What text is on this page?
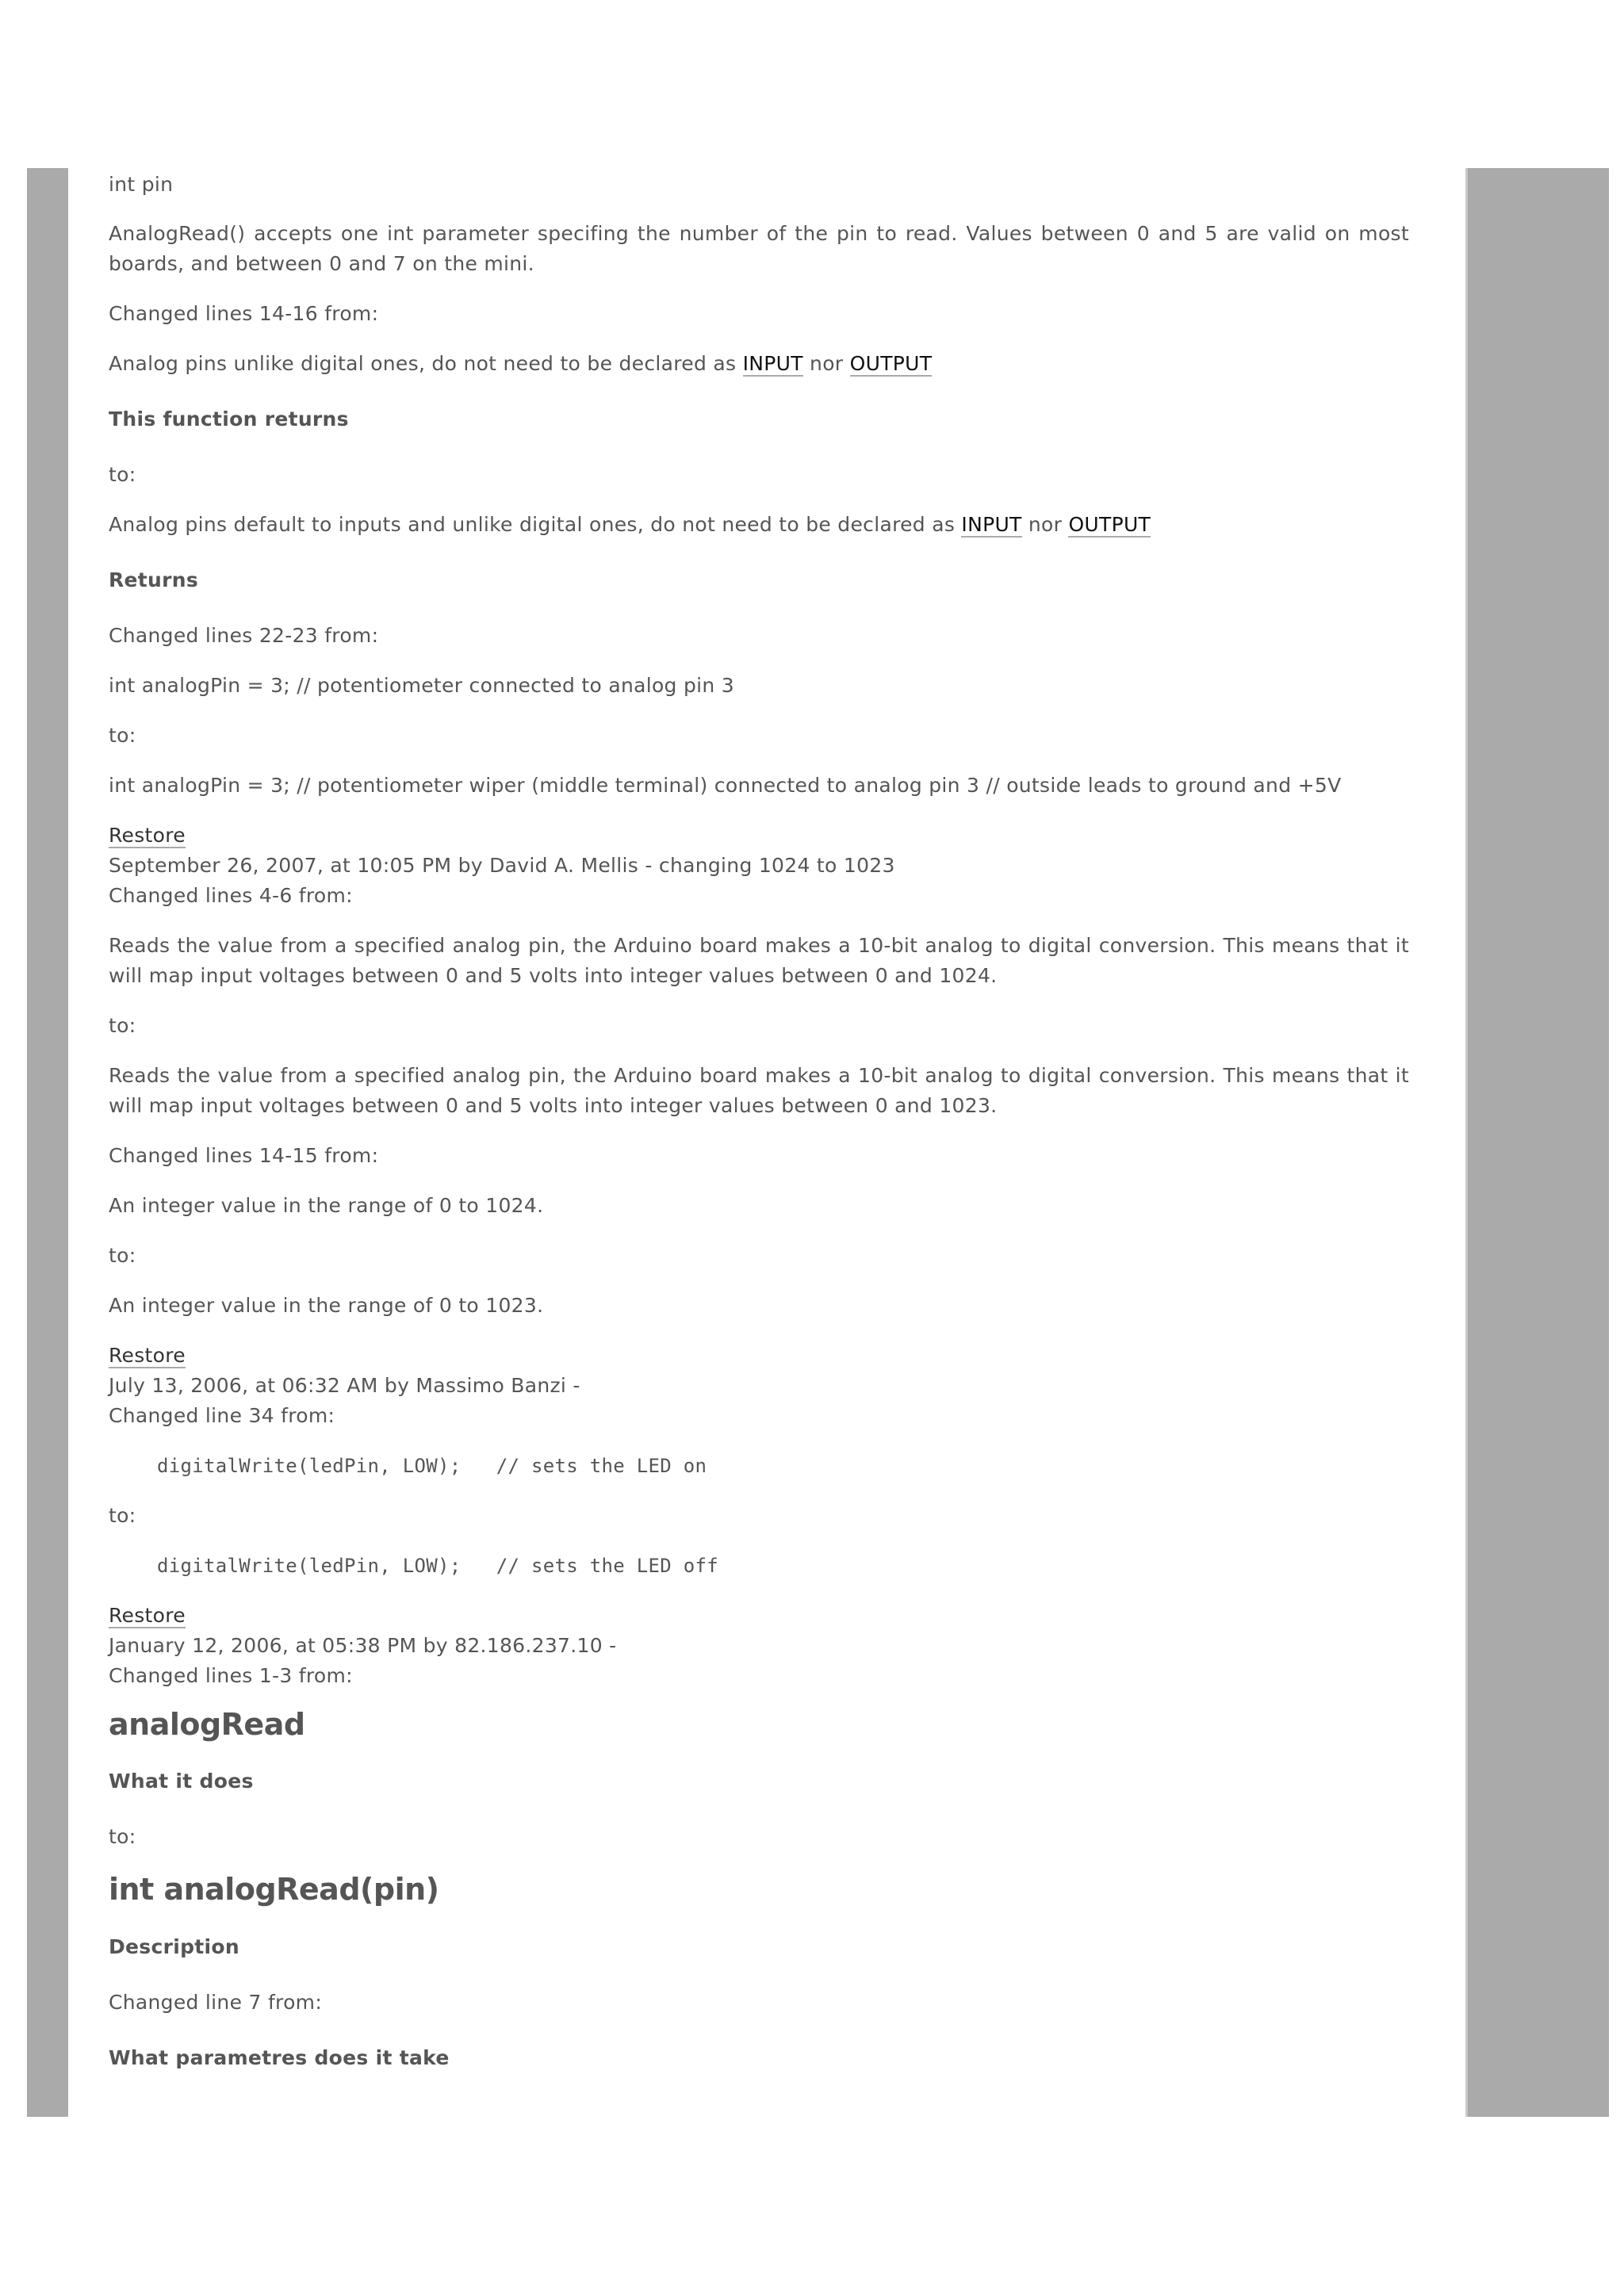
int pin
AnalogRead() accepts one int parameter specifing the number of the pin to read. Values between 0 and 5 are valid on most boards, and between 0 and 7 on the mini.
Changed lines 14-16 from:
Analog pins unlike digital ones, do not need to be declared as INPUT nor OUTPUT
This function returns
to:
Analog pins default to inputs and unlike digital ones, do not need to be declared as INPUT nor OUTPUT
Returns
Changed lines 22-23 from:
int analogPin = 3; // potentiometer connected to analog pin 3
to:
int analogPin = 3; // potentiometer wiper (middle terminal) connected to analog pin 3 // outside leads to ground and +5V
Restore
September 26, 2007, at 10:05 PM by David A. Mellis - changing 1024 to 1023
Changed lines 4-6 from:
Reads the value from a specified analog pin, the Arduino board makes a 10-bit analog to digital conversion. This means that it will map input voltages between 0 and 5 volts into integer values between 0 and 1024.
to:
Reads the value from a specified analog pin, the Arduino board makes a 10-bit analog to digital conversion. This means that it will map input voltages between 0 and 5 volts into integer values between 0 and 1023.
Changed lines 14-15 from:
An integer value in the range of 0 to 1024.
to:
An integer value in the range of 0 to 1023.
Restore
July 13, 2006, at 06:32 AM by Massimo Banzi -
Changed line 34 from:
digitalWrite(ledPin, LOW);   // sets the LED on
to:
digitalWrite(ledPin, LOW);   // sets the LED off
Restore
January 12, 2006, at 05:38 PM by 82.186.237.10 -
Changed lines 1-3 from:
analogRead
What it does
to:
int analogRead(pin)
Description
Changed line 7 from:
What parametres does it take
